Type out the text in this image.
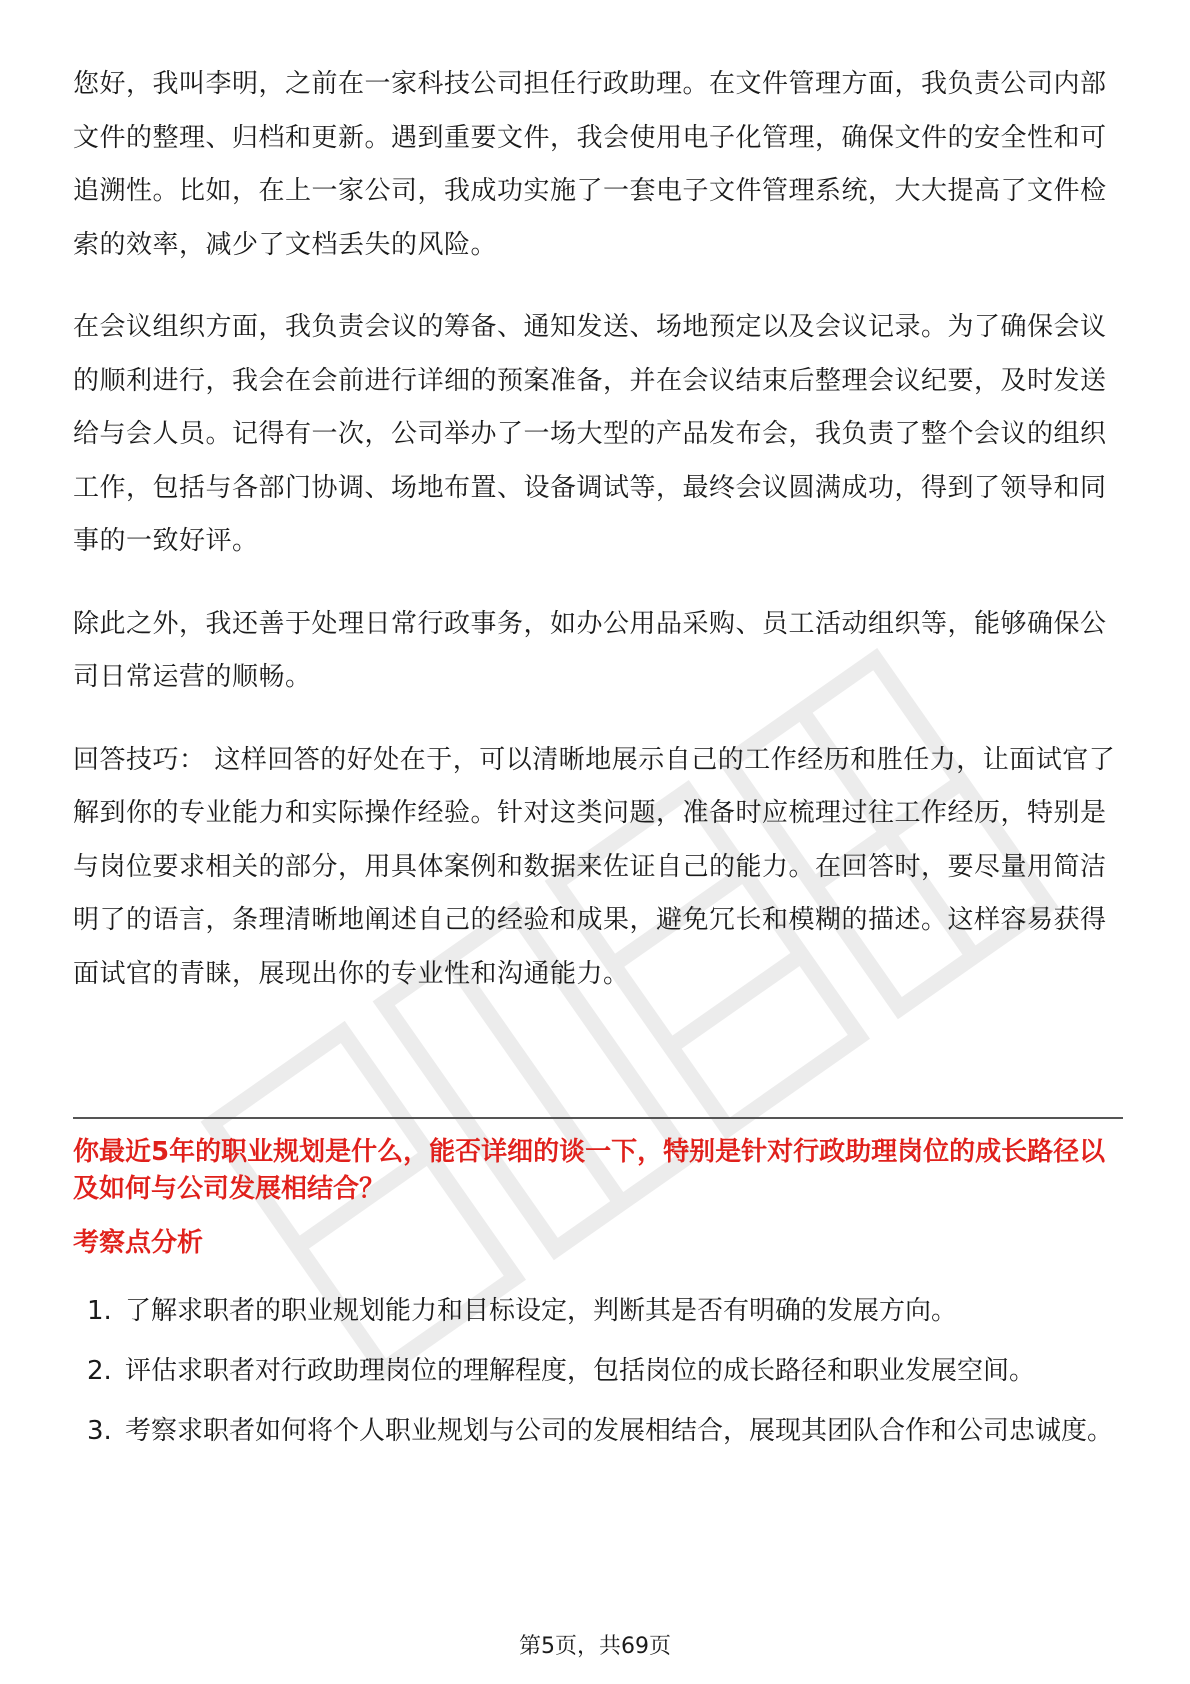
您好，我叫李明，之前在一家科技公司担任行政助理。在文件管理方面，我负责公司内部文件的整理、归档和更新。遇到重要文件，我会使用电子化管理，确保文件的安全性和可追溯性。比如，在上一家公司，我成功实施了一套电子文件管理系统，大大提高了文件检索的效率，减少了文档丢失的风险。

在会议组织方面，我负责会议的筹备、通知发送、场地预定以及会议记录。为了确保会议的顺利进行，我会在会前进行详细的预案准备，并在会议结束后整理会议纪要，及时发送给与会人员。记得有一次，公司举办了一场大型的产品发布会，我负责了整个会议的组织工作，包括与各部门协调、场地布置、设备调试等，最终会议圆满成功，得到了领导和同事的一致好评。

除此之外，我还善于处理日常行政事务，如办公用品采购、员工活动组织等，能够确保公司日常运营的顺畅。

回答技巧： 这样回答的好处在于，可以清晰地展示自己的工作经历和胜任力，让面试官了解到你的专业能力和实际操作经验。针对这类问题，准备时应梳理过往工作经历，特别是与岗位要求相关的部分，用具体案例和数据来佐证自己的能力。在回答时，要尽量用简洁明了的语言，条理清晰地阐述自己的经验和成果，避免冗长和模糊的描述。这样容易获得面试官的青睐，展现出你的专业性和沟通能力。

你最近5年的职业规划是什么，能否详细的谈一下，特别是针对行政助理岗位的成长路径以及如何与公司发展相结合？

考察点分析

1. 了解求职者的职业规划能力和目标设定，判断其是否有明确的发展方向。
2. 评估求职者对行政助理岗位的理解程度，包括岗位的成长路径和职业发展空间。
3. 考察求职者如何将个人职业规划与公司的发展相结合，展现其团队合作和公司忠诚度。
第5页，共69页
